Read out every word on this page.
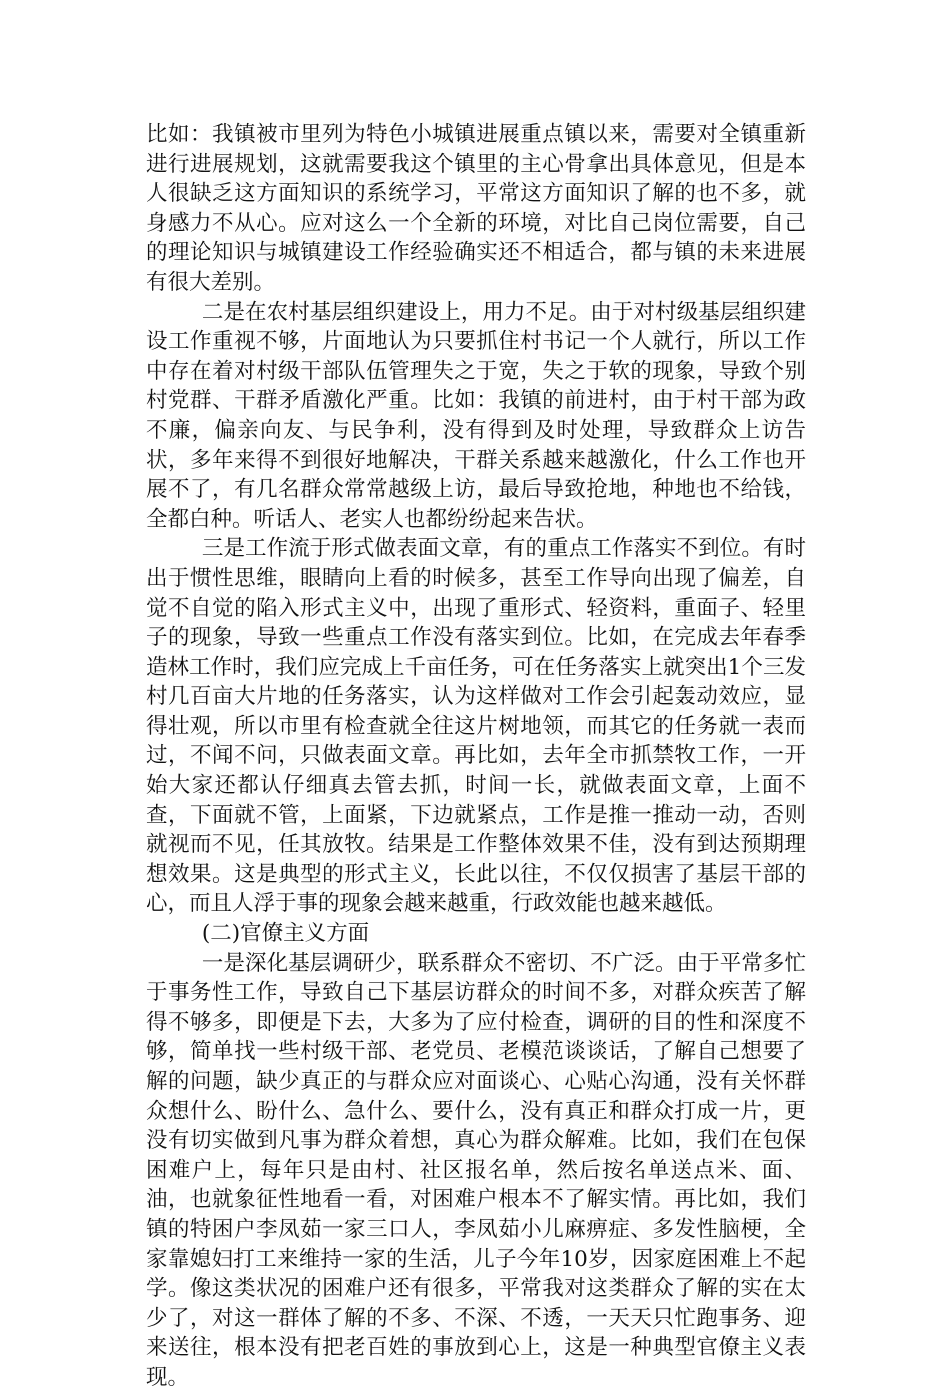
比如：我镇被市里列为特色小城镇进展重点镇以来，需要对全镇重新进行进展规划，这就需要我这个镇里的主心骨拿出具体意见，但是本人很缺乏这方面知识的系统学习，平常这方面知识了解的也不多，就身感力不从心。应对这么一个全新的环境，对比自己岗位需要，自己的理论知识与城镇建设工作经验确实还不相适合，都与镇的未来进展有很大差别。

二是在农村基层组织建设上，用力不足。由于对村级基层组织建设工作重视不够，片面地认为只要抓住村书记一个人就行，所以工作中存在着对村级干部队伍管理失之于宽，失之于软的现象，导致个别村党群、干群矛盾激化严重。比如：我镇的前进村，由于村干部为政不廉，偏亲向友、与民争利，没有得到及时处理，导致群众上访告状，多年来得不到很好地解决，干群关系越来越激化，什么工作也开展不了，有几名群众常常越级上访，最后导致抢地，种地也不给钱，全都白种。听话人、老实人也都纷纷起来告状。

三是工作流于形式做表面文章，有的重点工作落实不到位。有时出于惯性思维，眼睛向上看的时候多，甚至工作导向出现了偏差，自觉不自觉的陷入形式主义中，出现了重形式、轻资料，重面子、轻里子的现象，导致一些重点工作没有落实到位。比如，在完成去年春季造林工作时，我们应完成上千亩任务，可在任务落实上就突出1个三发村几百亩大片地的任务落实，认为这样做对工作会引起轰动效应，显得壮观，所以市里有检查就全往这片树地领，而其它的任务就一表而过，不闻不问，只做表面文章。再比如，去年全市抓禁牧工作，一开始大家还都认仔细真去管去抓，时间一长，就做表面文章，上面不查，下面就不管，上面紧，下边就紧点，工作是推一推动一动，否则就视而不见，任其放牧。结果是工作整体效果不佳，没有到达预期理想效果。这是典型的形式主义，长此以往，不仅仅损害了基层干部的心，而且人浮于事的现象会越来越重，行政效能也越来越低。

(二)官僚主义方面

一是深化基层调研少，联系群众不密切、不广泛。由于平常多忙于事务性工作，导致自己下基层访群众的时间不多，对群众疾苦了解得不够多，即便是下去，大多为了应付检查，调研的目的性和深度不够，简单找一些村级干部、老党员、老模范谈谈话，了解自己想要了解的问题，缺少真正的与群众应对面谈心、心贴心沟通，没有关怀群众想什么、盼什么、急什么、要什么，没有真正和群众打成一片，更没有切实做到凡事为群众着想，真心为群众解难。比如，我们在包保困难户上，每年只是由村、社区报名单，然后按名单送点米、面、油，也就象征性地看一看，对困难户根本不了解实情。再比如，我们镇的特困户李凤茹一家三口人，李凤茹小儿麻痹症、多发性脑梗，全家靠媳妇打工来维持一家的生活，儿子今年10岁，因家庭困难上不起学。像这类状况的困难户还有很多，平常我对这类群众了解的实在太少了，对这一群体了解的不多、不深、不透，一天天只忙跑事务、迎来送往，根本没有把老百姓的事放到心上，这是一种典型官僚主义表现。
